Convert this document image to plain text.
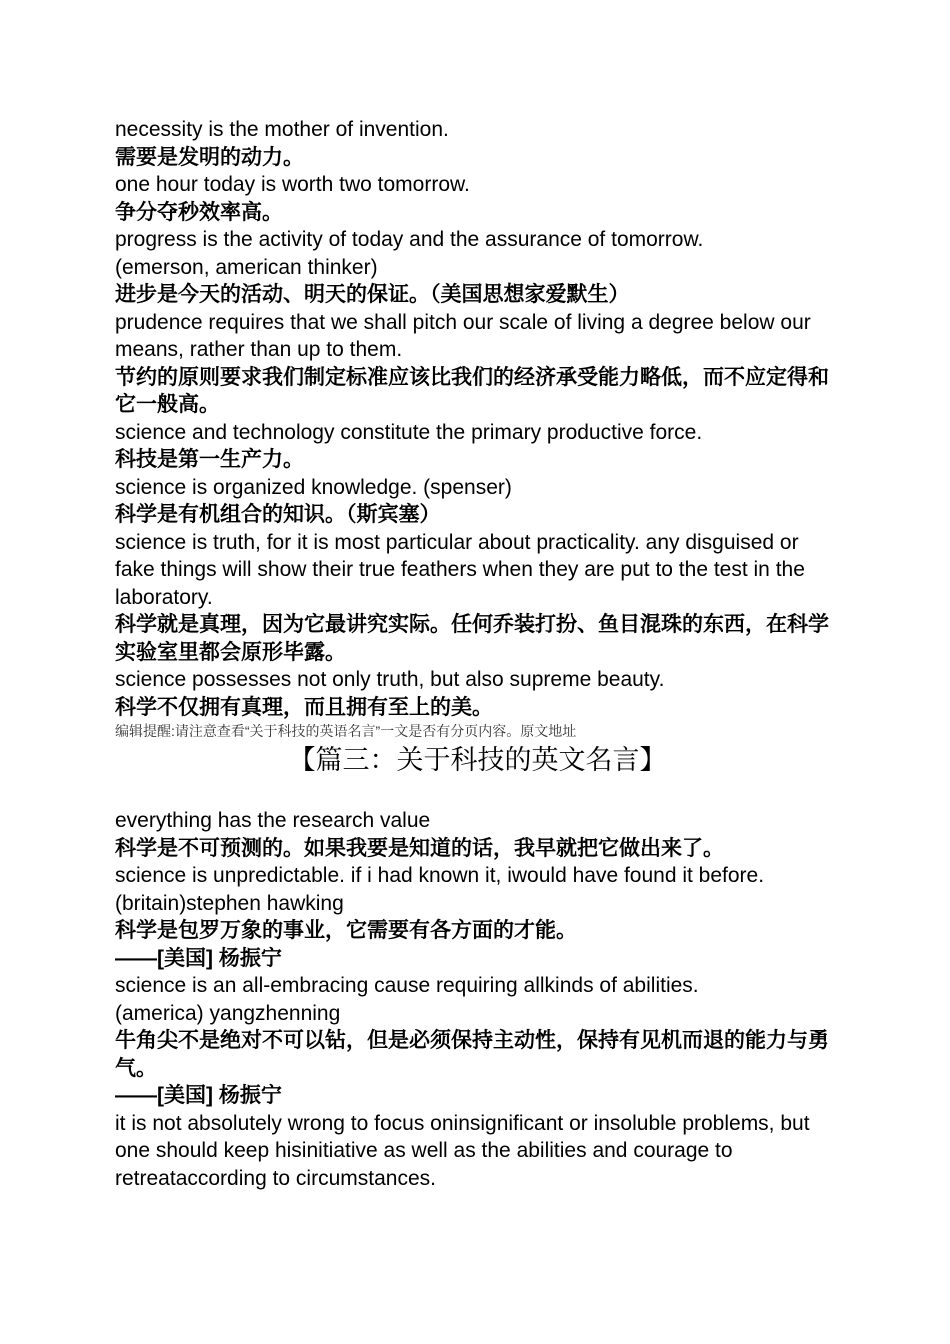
necessity is the mother of invention.

需要是发明的动力。

one hour today is worth two tomorrow.

争分夺秒效率高。

progress is the activity of today and the assurance of tomorrow.

(emerson, american thinker)

进步是今天的活动、明天的保证。（美国思想家爱默生）

prudence requires that we shall pitch our scale of living a degree below our means, rather than up to them.

节约的原则要求我们制定标准应该比我们的经济承受能力略低，而不应定得和它一般高。

science and technology constitute the primary productive force.

科技是第一生产力。

science is organized knowledge. (spenser)

科学是有机组合的知识。（斯宾塞）

science is truth, for it is most particular about practicality. any disguised or fake things will show their true feathers when they are put to the test in the laboratory.

科学就是真理，因为它最讲究实际。任何乔装打扮、鱼目混珠的东西，在科学实验室里都会原形毕露。

science possesses not only truth, but also supreme beauty.

科学不仅拥有真理，而且拥有至上的美。

编辑提醒:请注意查看“关于科技的英语名言”一文是否有分页内容。原文地址

【篇三：关于科技的英文名言】

everything has the research value

科学是不可预测的。如果我要是知道的话，我早就把它做出来了。

science is unpredictable. if i had known it, iwould have found it before.

(britain)stephen hawking

科学是包罗万象的事业，它需要有各方面的才能。

——[美国] 杨振宁

science is an all-embracing cause requiring allkinds of abilities.

(america) yangzhenning

牛角尖不是绝对不可以钻，但是必须保持主动性，保持有见机而退的能力与勇气。

——[美国] 杨振宁

it is not absolutely wrong to focus oninsignificant or insoluble problems, but one should keep hisinitiative as well as the abilities and courage to retreataccording to circumstances.
